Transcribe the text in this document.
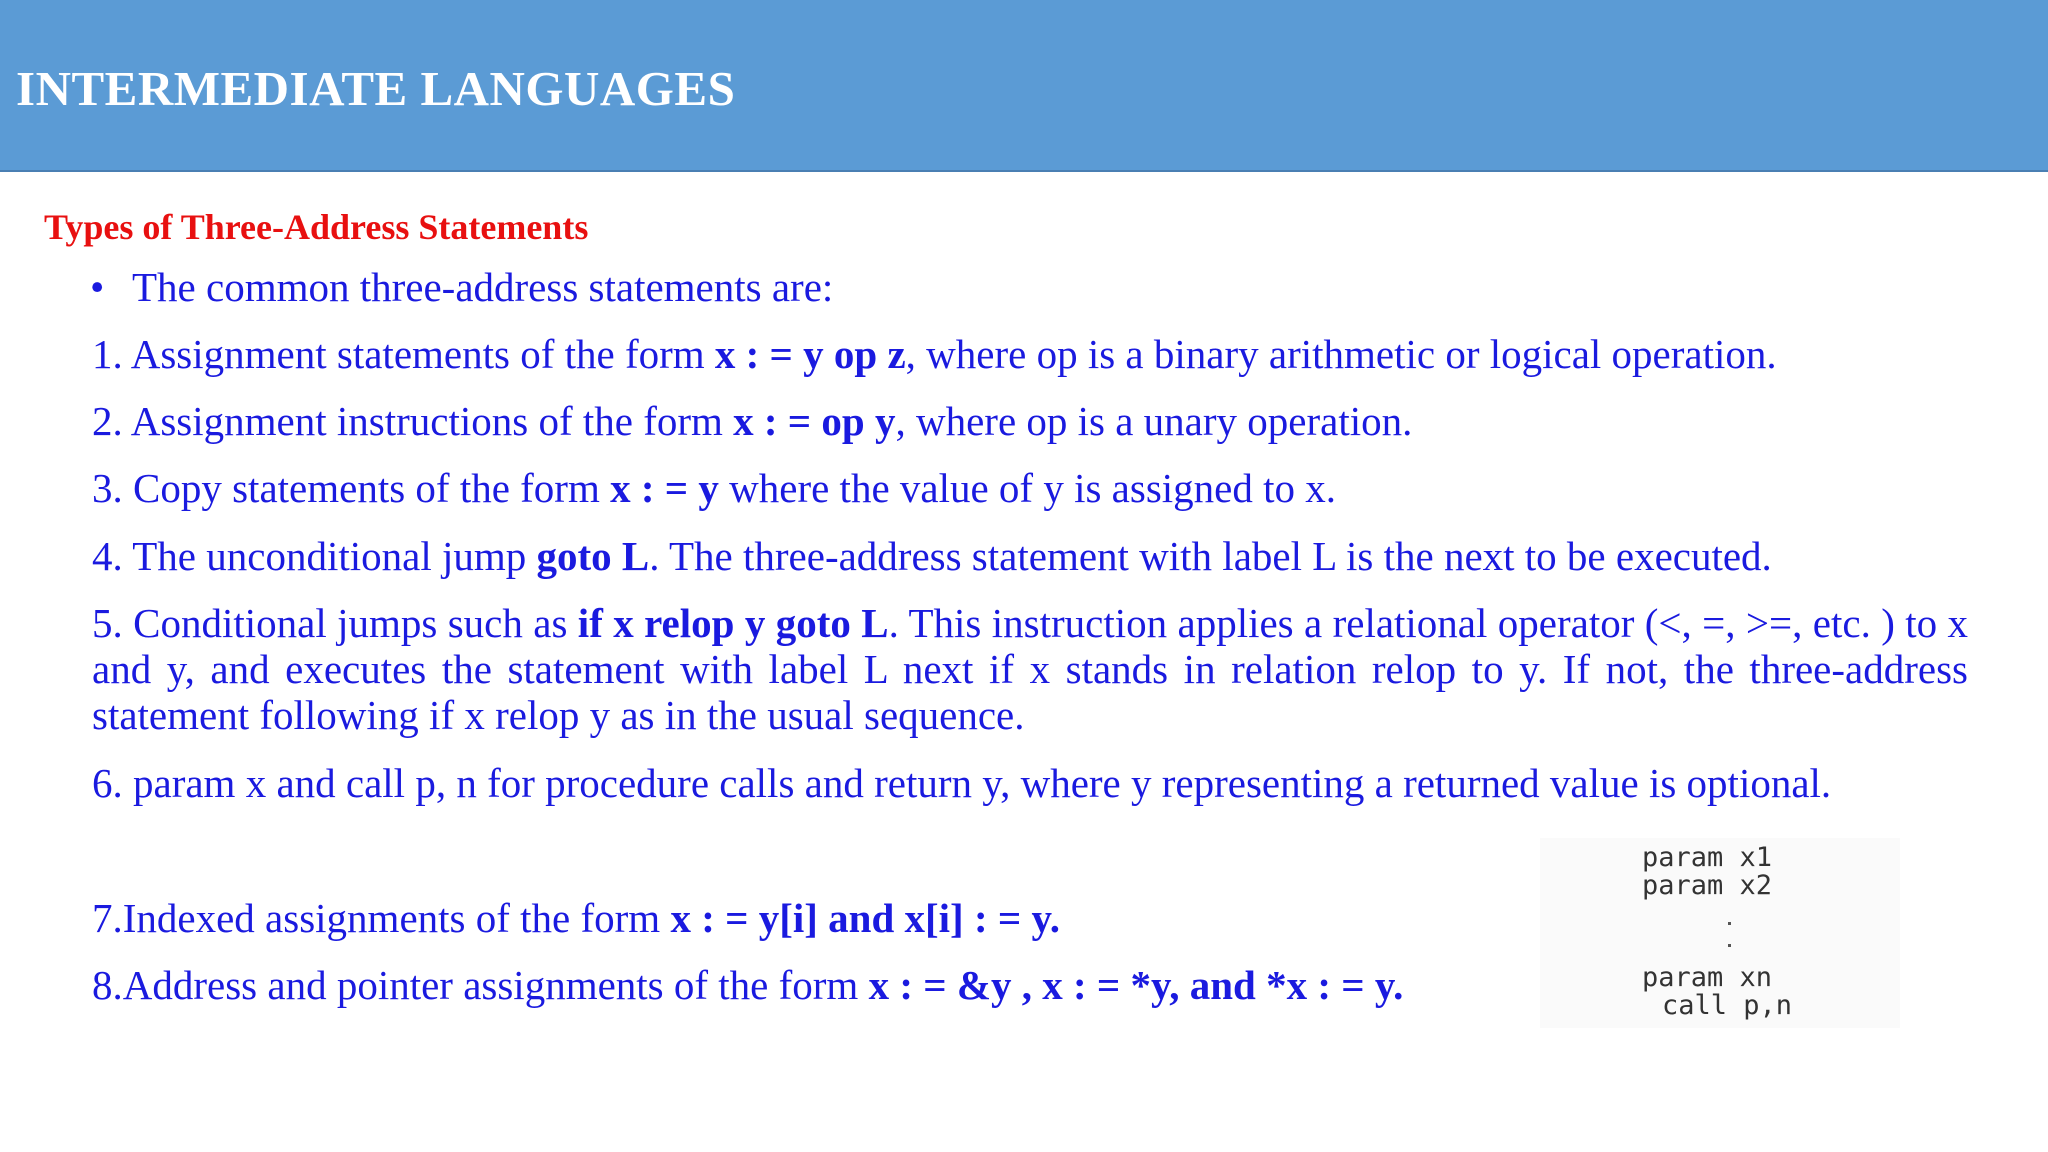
INTERMEDIATE LANGUAGES
Types of Three-Address Statements
• The common three-address statements are:
1. Assignment statements of the form x : = y op z, where op is a binary arithmetic or logical operation.
2. Assignment instructions of the form x : = op y, where op is a unary operation.
3. Copy statements of the form x : = y where the value of y is assigned to x.
4. The unconditional jump goto L. The three-address statement with label L is the next to be executed.
5. Conditional jumps such as if x relop y goto L. This instruction applies a relational operator (<, =, >=, etc. ) to x and y, and executes the statement with label L next if x stands in relation relop to y. If not, the three-address statement following if x relop y as in the usual sequence.
6. param x and call p, n for procedure calls and return y, where y representing a returned value is optional.
7.Indexed assignments of the form x : = y[i] and x[i] : = y.
8.Address and pointer assignments of the form x : = &y , x : = *y, and *x : = y.
param x1
param x2
param xn
call p,n
